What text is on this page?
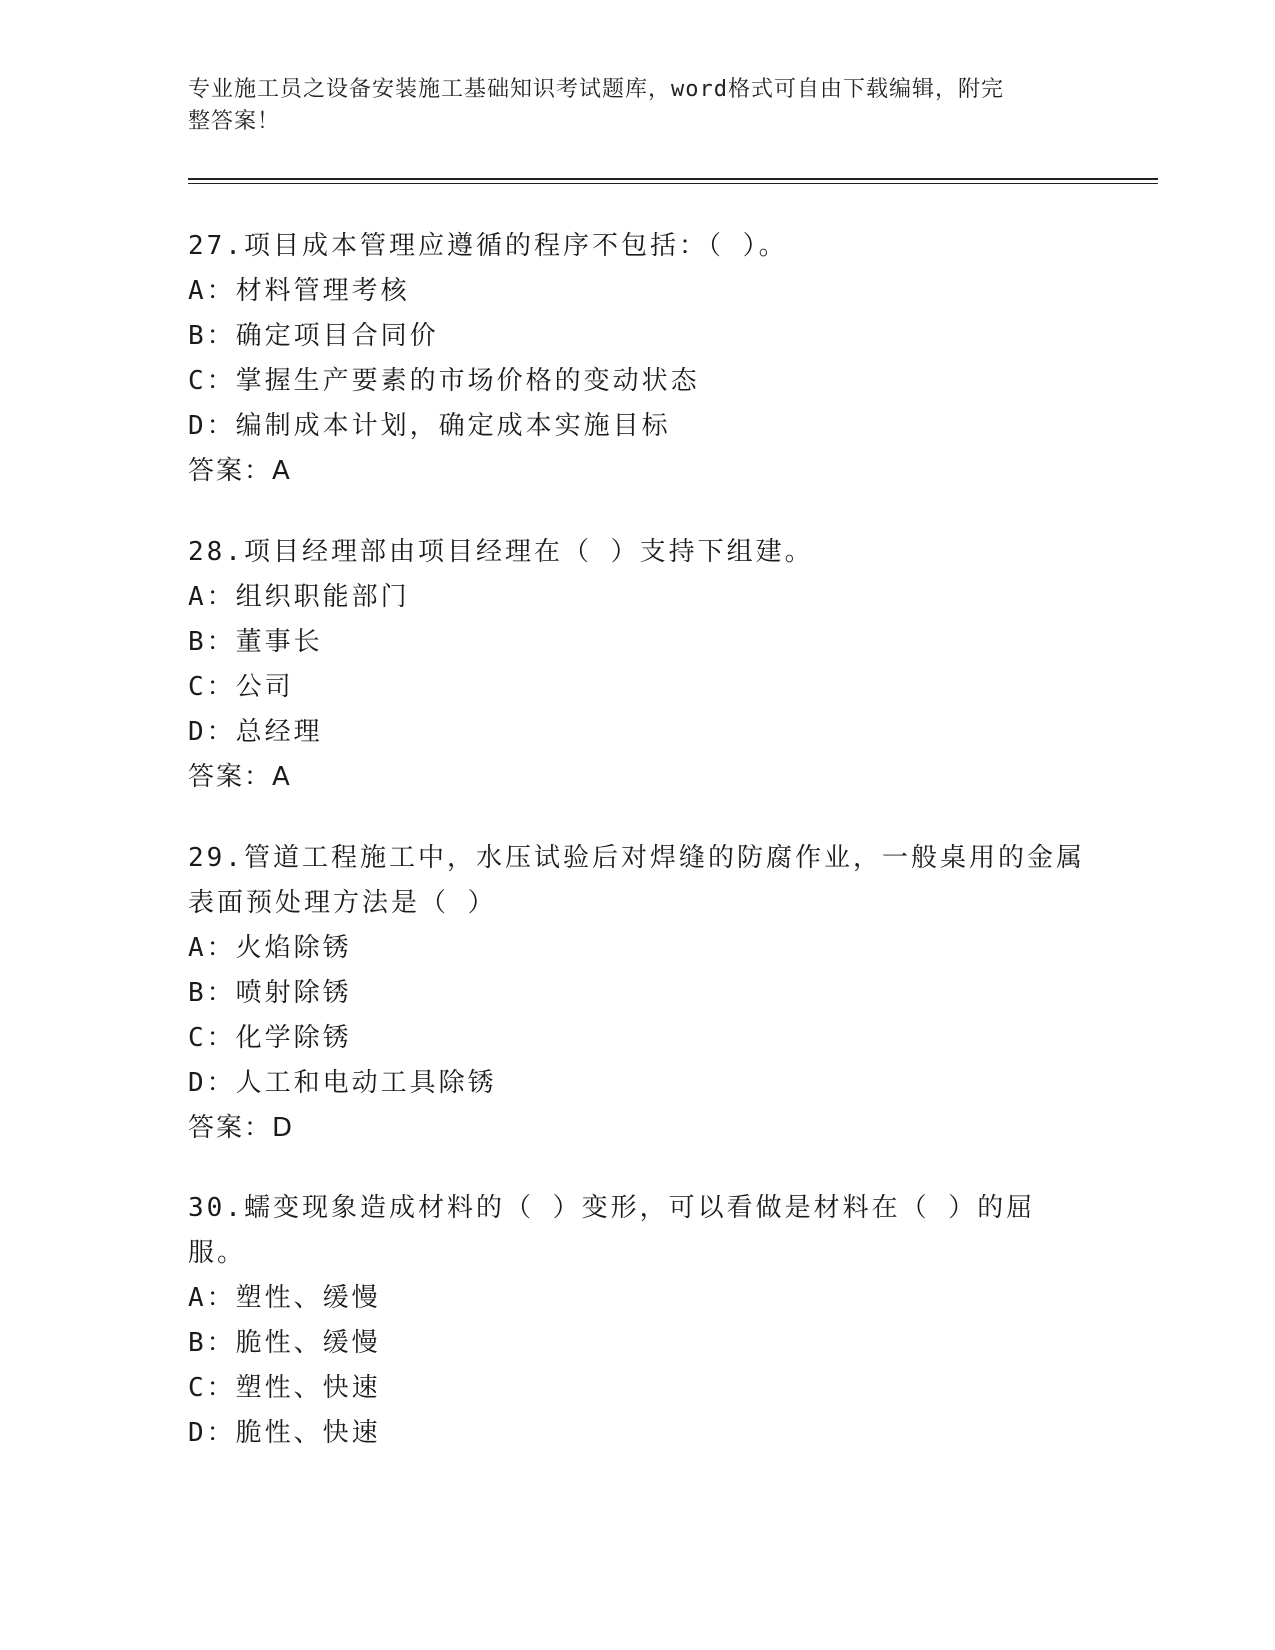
专业施工员之设备安装施工基础知识考试题库，word格式可自由下载编辑，附完
整答案！
27.项目成本管理应遵循的程序不包括：（ ）。
A：材料管理考核
B：确定项目合同价
C：掌握生产要素的市场价格的变动状态
D：编制成本计划，确定成本实施目标
答案：A
28.项目经理部由项目经理在（ ）支持下组建。
A：组织职能部门
B：董事长
C：公司
D：总经理
答案：A
29.管道工程施工中，水压试验后对焊缝的防腐作业，一般桌用的金属
表面预处理方法是（ ）
A：火焰除锈
B：喷射除锈
C：化学除锈
D：人工和电动工具除锈
答案：D
30.蠕变现象造成材料的（ ）变形，可以看做是材料在（ ）的屈服。
A：塑性、缓慢
B：脆性、缓慢
C：塑性、快速
D：脆性、快速
